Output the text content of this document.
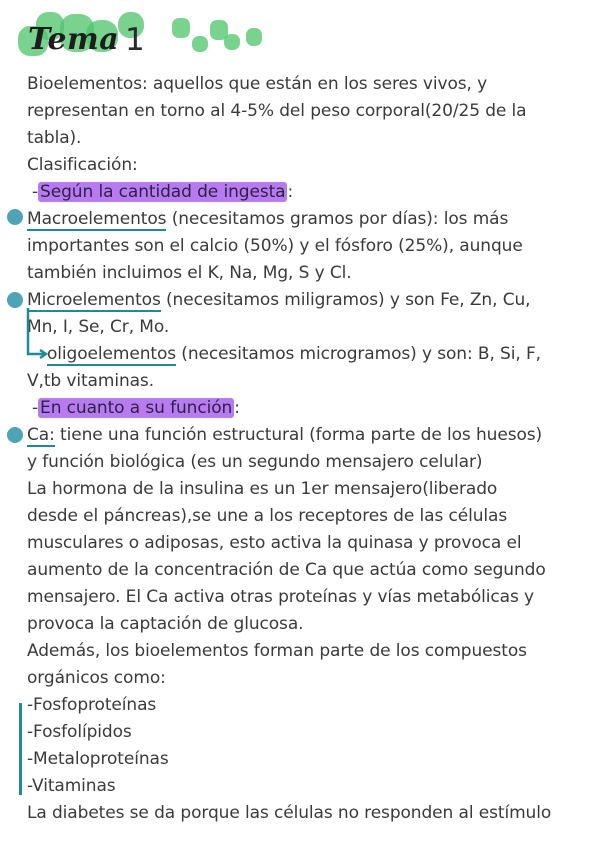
Tema 1
Bioelementos: aquellos que están en los seres vivos, y
representan en torno al 4-5% del peso corporal(20/25 de la
tabla).
Clasificación:
- Según la cantidad de ingesta :
Macroelementos (necesitamos gramos por días): los más
importantes son el calcio (50%) y el fósforo (25%), aunque
también incluimos el K, Na, Mg, S y Cl.
Microelementos (necesitamos miligramos) y son Fe, Zn, Cu,
Mn, I, Se, Cr, Mo.
oligoelementos (necesitamos microgramos) y son: B, Si, F,
V,tb vitaminas.
- En cuanto a su función :
Ca: tiene una función estructural (forma parte de los huesos)
y función biológica (es un segundo mensajero celular)
La hormona de la insulina es un 1er mensajero(liberado
desde el páncreas),se une a los receptores de las células
musculares o adiposas, esto activa la quinasa y provoca el
aumento de la concentración de Ca que actúa como segundo
mensajero. El Ca activa otras proteínas y vías metabólicas y
provoca la captación de glucosa.
Además, los bioelementos forman parte de los compuestos
orgánicos como:
-Fosfoproteínas
-Fosfolípidos
-Metaloproteínas
-Vitaminas
La diabetes se da porque las células no responden al estímulo
